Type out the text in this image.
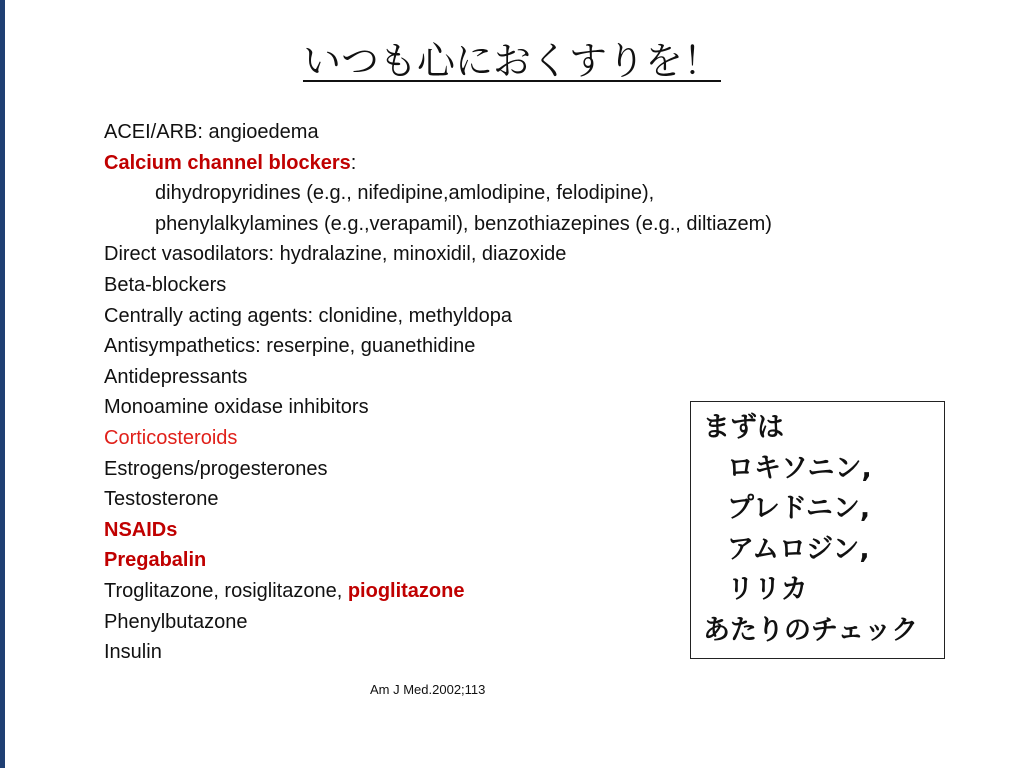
いつも心におくすりを！
ACEI/ARB: angioedema
Calcium channel blockers:
dihydropyridines (e.g., nifedipine,amlodipine, felodipine),
phenylalkylamines (e.g.,verapamil), benzothiazepines (e.g., diltiazem)
Direct vasodilators: hydralazine, minoxidil, diazoxide
Beta-blockers
Centrally acting agents: clonidine, methyldopa
Antisympathetics: reserpine, guanethidine
Antidepressants
Monoamine oxidase inhibitors
Corticosteroids
Estrogens/progesterones
Testosterone
NSAIDs
Pregabalin
Troglitazone, rosiglitazone, pioglitazone
Phenylbutazone
Insulin
Am J Med.2002;113
まずは
ロキソニン,
プレドニン,
アムロジン,
リリカ
あたりのチェック
